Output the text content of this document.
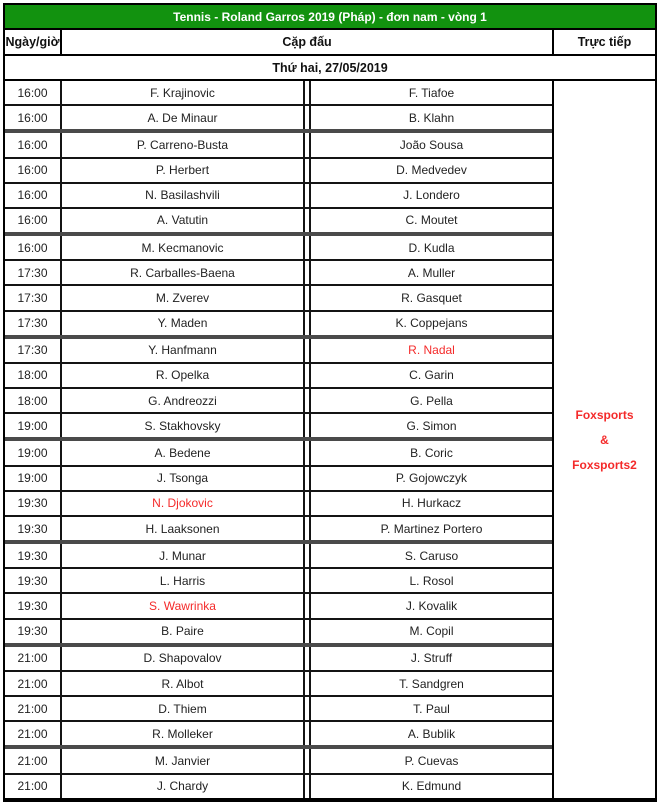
Tennis - Roland Garros 2019 (Pháp) - đơn nam - vòng 1
Ngày/giờ	Cặp đấu	Trực tiếp
Thứ hai, 27/05/2019
16:00	F. Krajinovic	F. Tiafoe
16:00	A. De Minaur	B. Klahn
16:00	P. Carreno-Busta	João Sousa
16:00	P. Herbert	D. Medvedev
16:00	N. Basilashvili	J. Londero
16:00	A. Vatutin	C. Moutet
16:00	M. Kecmanovic	D. Kudla
17:30	R. Carballes-Baena	A. Muller
17:30	M. Zverev	R. Gasquet
17:30	Y. Maden	K. Coppejans
17:30	Y. Hanfmann	R. Nadal
18:00	R. Opelka	C. Garin
18:00	G. Andreozzi	G. Pella
19:00	S. Stakhovsky	G. Simon
19:00	A. Bedene	B. Coric
19:00	J. Tsonga	P. Gojowczyk
19:30	N. Djokovic	H. Hurkacz
19:30	H. Laaksonen	P. Martinez Portero
19:30	J. Munar	S. Caruso
19:30	L. Harris	L. Rosol
19:30	S. Wawrinka	J. Kovalik
19:30	B. Paire	M. Copil
21:00	D. Shapovalov	J. Struff
21:00	R. Albot	T. Sandgren
21:00	D. Thiem	T. Paul
21:00	R. Molleker	A. Bublik
21:00	M. Janvier	P. Cuevas
21:00	J. Chardy	K. Edmund
Foxsports
&
Foxsports2
